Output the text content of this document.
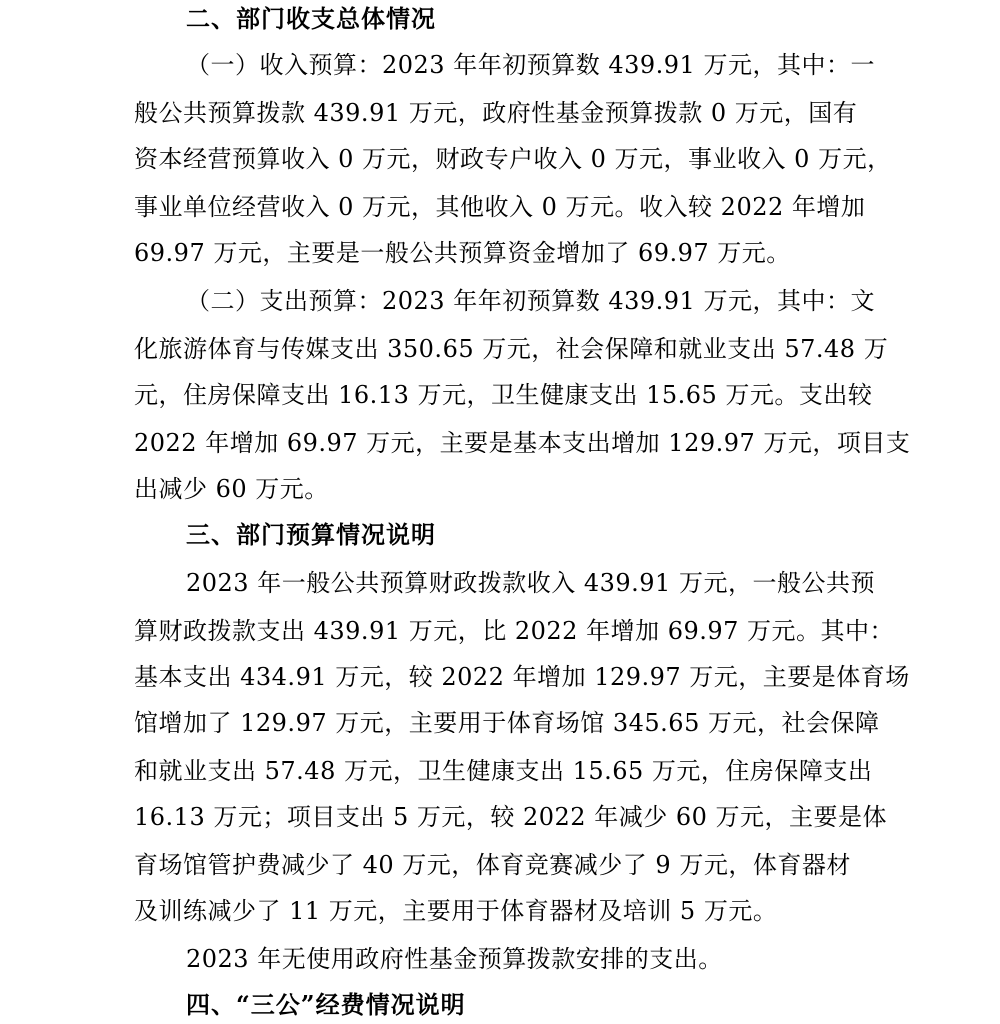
二、部门收支总体情况
（一）收入预算：2023 年年初预算数 439.91 万元，其中：一
般公共预算拨款 439.91 万元，政府性基金预算拨款 0 万元，国有
资本经营预算收入 0 万元，财政专户收入 0 万元，事业收入 0 万元，
事业单位经营收入 0 万元，其他收入 0 万元。收入较 2022 年增加
69.97 万元，主要是一般公共预算资金增加了 69.97 万元。
（二）支出预算：2023 年年初预算数 439.91 万元，其中：文
化旅游体育与传媒支出 350.65 万元，社会保障和就业支出 57.48 万
元，住房保障支出 16.13 万元，卫生健康支出 15.65 万元。支出较
2022 年增加 69.97 万元，主要是基本支出增加 129.97 万元，项目支
出减少 60 万元。
三、部门预算情况说明
2023 年一般公共预算财政拨款收入 439.91 万元，一般公共预
算财政拨款支出 439.91 万元，比 2022 年增加 69.97 万元。其中：
基本支出 434.91 万元，较 2022 年增加 129.97 万元，主要是体育场
馆增加了 129.97 万元，主要用于体育场馆 345.65 万元，社会保障
和就业支出 57.48 万元，卫生健康支出 15.65 万元，住房保障支出
16.13 万元；项目支出 5 万元，较 2022 年减少 60 万元，主要是体
育场馆管护费减少了 40 万元，体育竞赛减少了 9 万元，体育器材
及训练减少了 11 万元，主要用于体育器材及培训 5 万元。
2023 年无使用政府性基金预算拨款安排的支出。
四、“三公”经费情况说明
